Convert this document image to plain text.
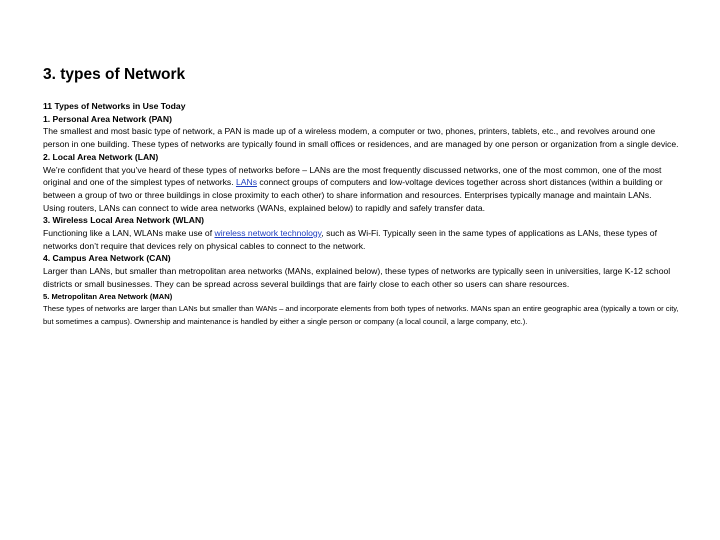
3. types of Network

11 Types of Networks in Use Today

1. Personal Area Network (PAN)

The smallest and most basic type of network, a PAN is made up of a wireless modem, a computer or two, phones, printers, tablets, etc., and revolves around one person in one building. These types of networks are typically found in small offices or residences, and are managed by one person or organization from a single device.

2. Local Area Network (LAN)

We’re confident that you’ve heard of these types of networks before – LANs are the most frequently discussed networks, one of the most common, one of the most original and one of the simplest types of networks. LANs connect groups of computers and low-voltage devices together across short distances (within a building or between a group of two or three buildings in close proximity to each other) to share information and resources. Enterprises typically manage and maintain LANs.

Using routers, LANs can connect to wide area networks (WANs, explained below) to rapidly and safely transfer data.

3. Wireless Local Area Network (WLAN)

Functioning like a LAN, WLANs make use of wireless network technology, such as Wi-Fi. Typically seen in the same types of applications as LANs, these types of networks don’t require that devices rely on physical cables to connect to the network.

4. Campus Area Network (CAN)

Larger than LANs, but smaller than metropolitan area networks (MANs, explained below), these types of networks are typically seen in universities, large K-12 school districts or small businesses. They can be spread across several buildings that are fairly close to each other so users can share resources.

5. Metropolitan Area Network (MAN)

These types of networks are larger than LANs but smaller than WANs – and incorporate elements from both types of networks. MANs span an entire geographic area (typically a town or city, but sometimes a campus). Ownership and maintenance is handled by either a single person or company (a local council, a large company, etc.).
